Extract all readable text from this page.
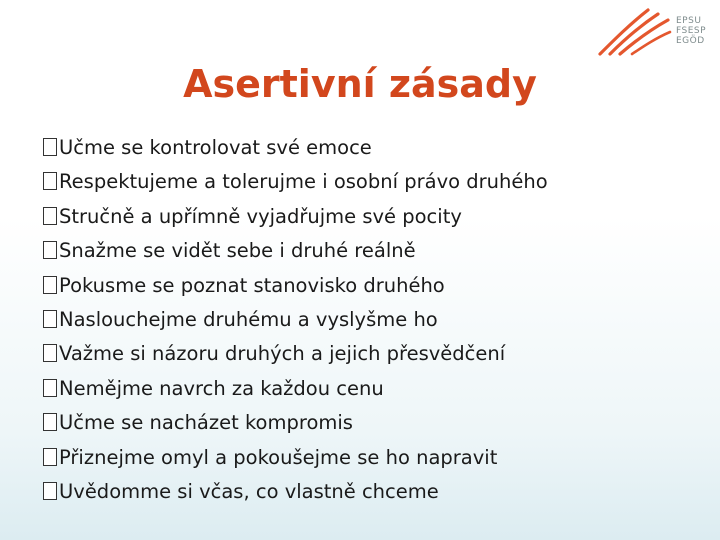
EPSU
FSESP
EGÖD
Asertivní zásady
Učme se kontrolovat své emoce
Respektujeme a tolerujme i osobní právo druhého
Stručně a upřímně vyjadřujme své pocity
Snažme se vidět sebe i druhé reálně
Pokusme se poznat stanovisko druhého
Naslouchejme druhému a vyslyšme ho
Važme si názoru druhých a jejich přesvědčení
Nemějme navrch za každou cenu
Učme se nacházet kompromis
Přiznejme omyl a pokoušejme se ho napravit
Uvědomme si včas, co vlastně chceme
